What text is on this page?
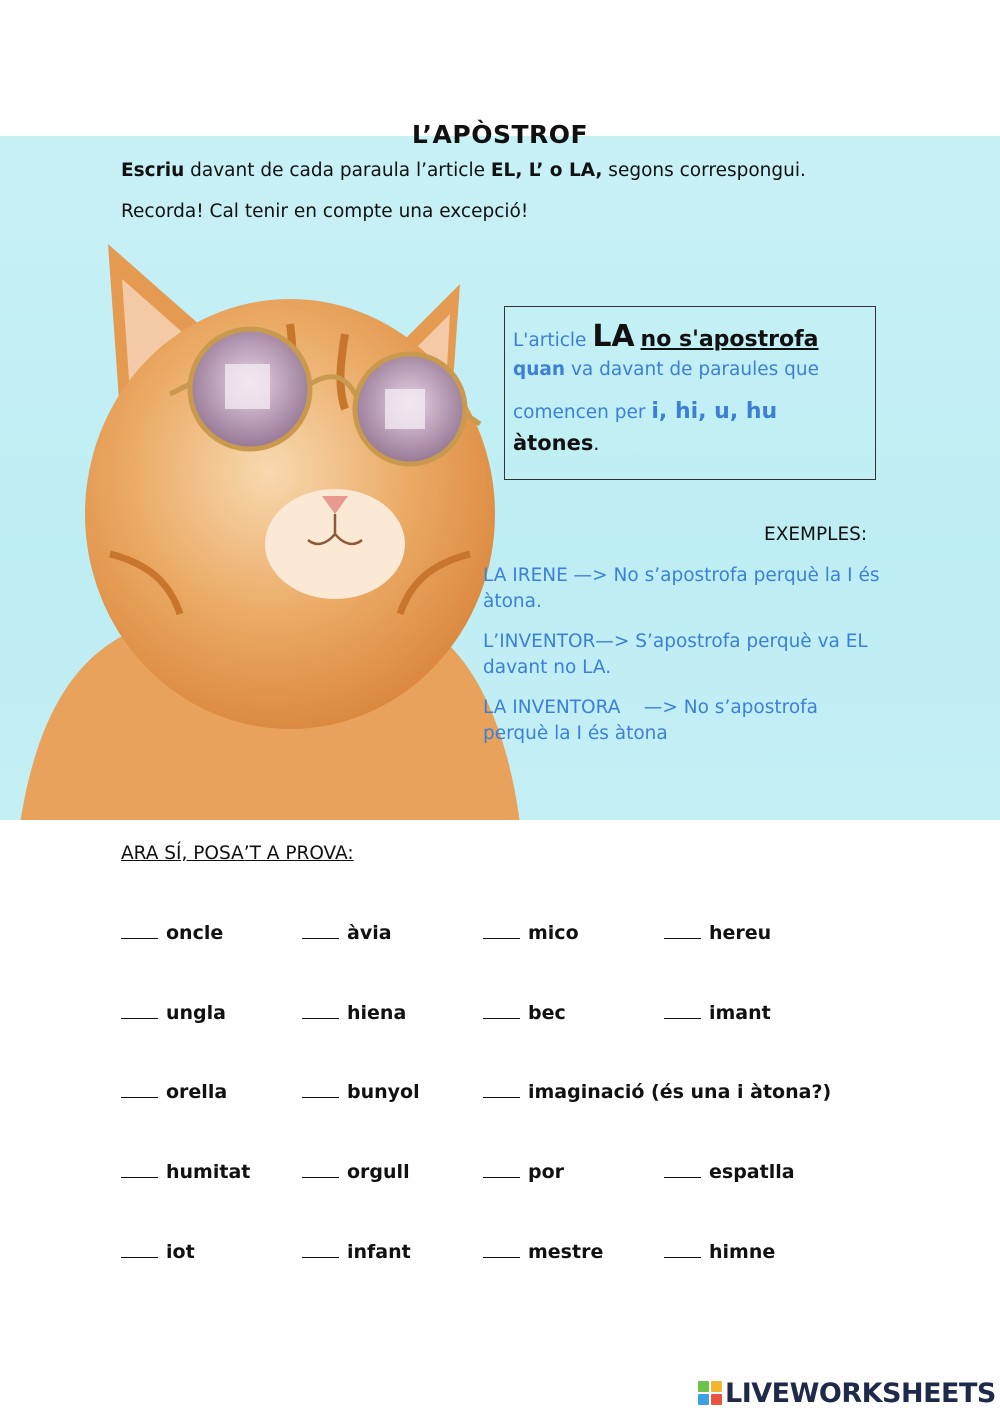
L’APÒSTROF
Escriu davant de cada paraula l’article EL, L’ o LA, segons correspongui.
Recorda! Cal tenir en compte una excepció!
L'article LA no s'apostrofa
quan va davant de paraules que
comencen per i, hi, u, hu
àtones.
EXEMPLES:
LA IRENE —> No s’apostrofa perquè la I és àtona.
L’INVENTOR—> S’apostrofa perquè va EL davant no LA.
LA INVENTORA    —> No s’apostrofa perquè la I és àtona
ARA SÍ, POSA’T A PROVA:
oncle	àvia	mico	hereu
ungla	hiena	bec	imant
orella	bunyol	imaginació (és una i àtona?)
humitat	orgull	por	espatlla
iot	infant	mestre	himne
LIVEWORKSHEETS
